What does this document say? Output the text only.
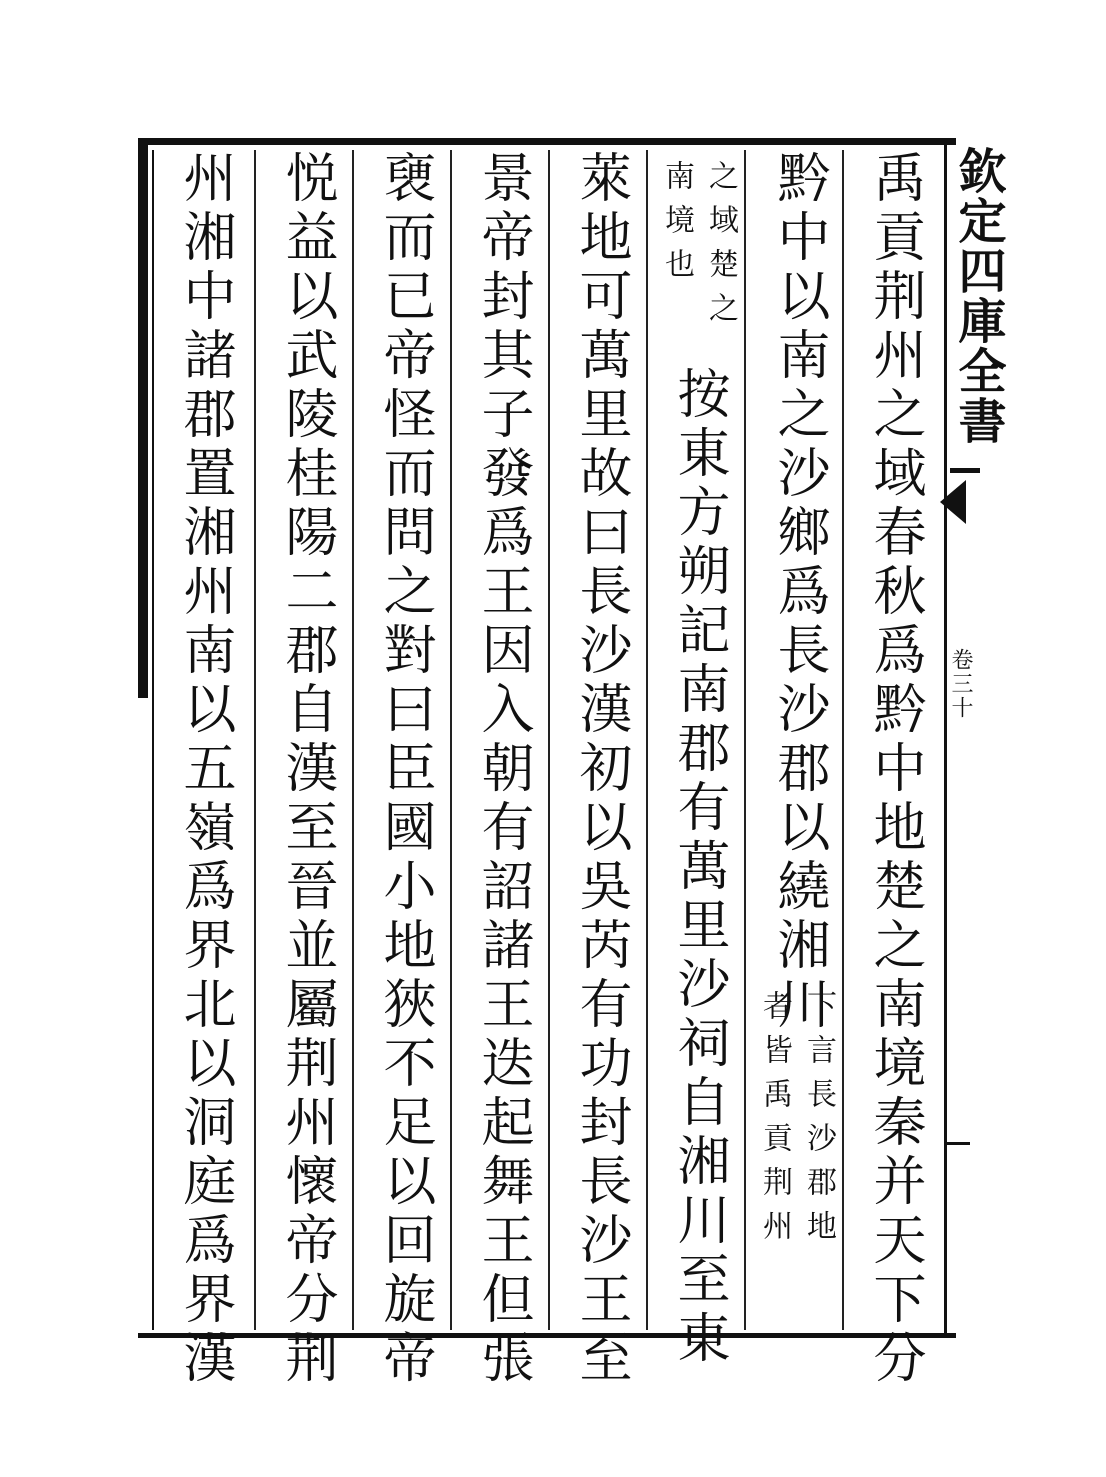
欽定四庫全書
卷三十
禹貢荆州之域春秋爲黔中地楚之南境秦并天下分
黔中以南之沙鄉爲長沙郡以繞湘川
下言長沙郡地
者皆禹貢荆州
之域楚之
南境也
按東方朔記南郡有萬里沙祠自湘川至東
萊地可萬里故曰長沙漢初以吳芮有功封長沙王至
景帝封其子發爲王因入朝有詔諸王迭起舞王但張
褏而已帝怪而問之對曰臣國小地狹不足以回旋帝
悦益以武陵桂陽二郡自漢至晉並屬荆州懷帝分荆
州湘中諸郡置湘州南以五嶺爲界北以洞庭爲界漢
